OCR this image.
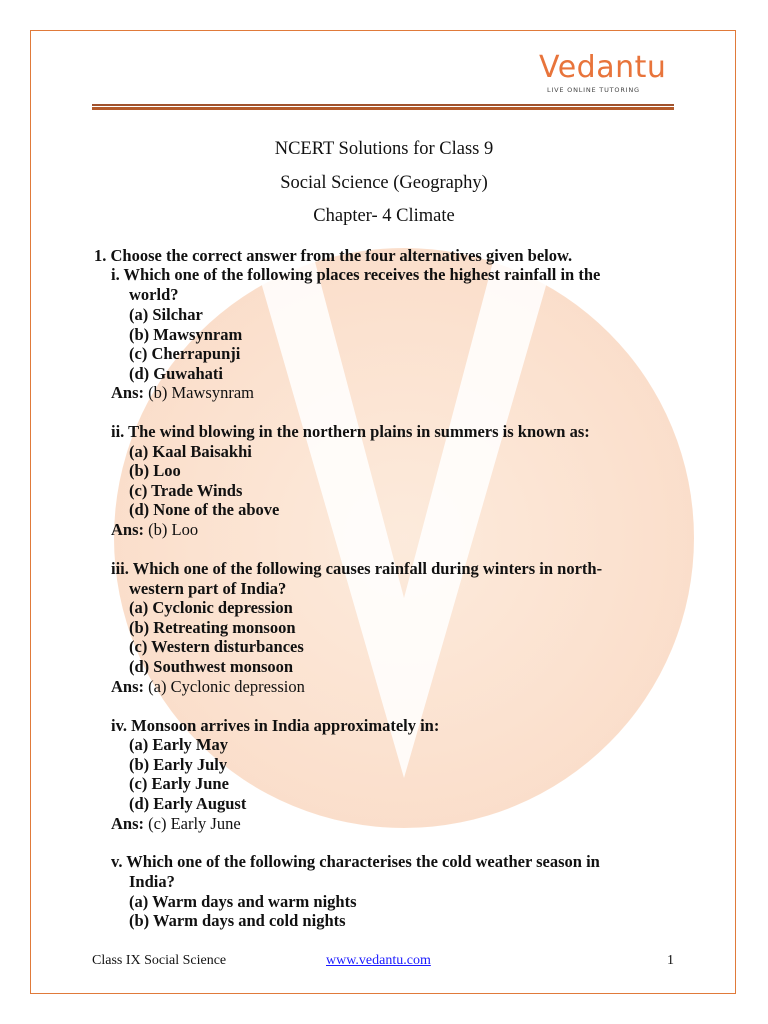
Vedantu
LIVE ONLINE TUTORING
NCERT Solutions for Class 9
Social Science (Geography)
Chapter- 4 Climate
1. Choose the correct answer from the four alternatives given below.
i. Which one of the following places receives the highest rainfall in the
world?
(a) Silchar
(b) Mawsynram
(c) Cherrapunji
(d) Guwahati
Ans: (b) Mawsynram
ii. The wind blowing in the northern plains in summers is known as:
(a) Kaal Baisakhi
(b) Loo
(c) Trade Winds
(d) None of the above
Ans: (b) Loo
iii. Which one of the following causes rainfall during winters in north-
western part of India?
(a) Cyclonic depression
(b) Retreating monsoon
(c) Western disturbances
(d) Southwest monsoon
Ans: (a) Cyclonic depression
iv. Monsoon arrives in India approximately in:
(a) Early May
(b) Early July
(c) Early June
(d) Early August
Ans: (c) Early June
v. Which one of the following characterises the cold weather season in
India?
(a) Warm days and warm nights
(b) Warm days and cold nights
Class IX Social Science	www.vedantu.com	1
